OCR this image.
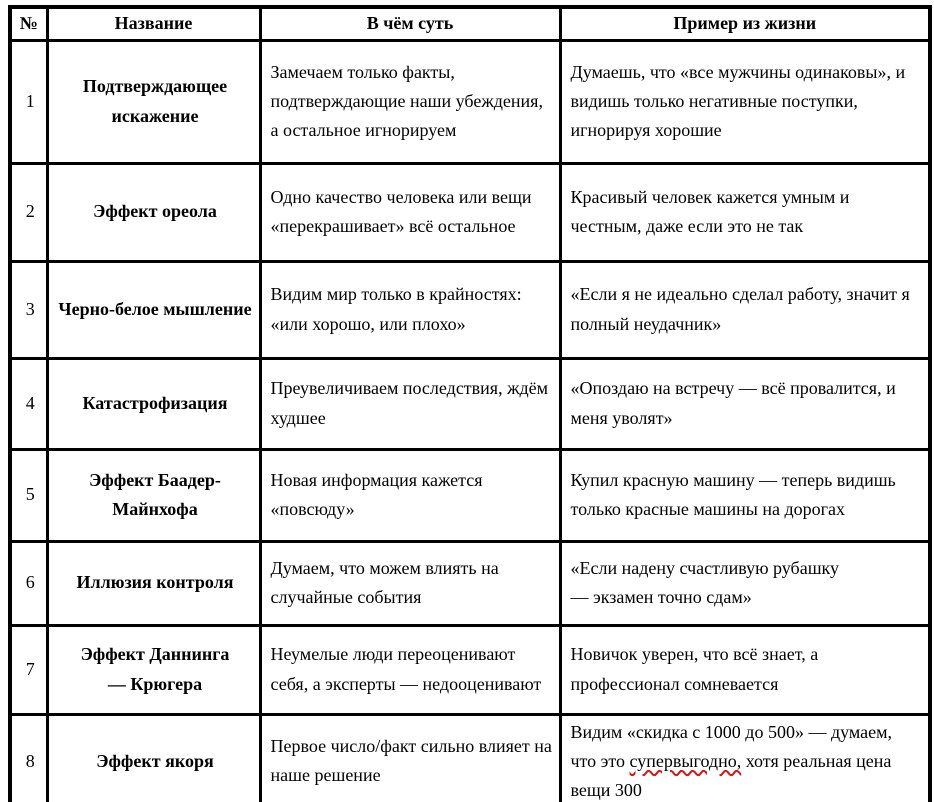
№	Название	В чём суть	Пример из жизни
1	Подтверждающее искажение	Замечаем только факты, подтверждающие наши убеждения, а остальное игнорируем	Думаешь, что «все мужчины одинаковы», и видишь только негативные поступки, игнорируя хорошие
2	Эффект ореола	Одно качество человека или вещи «перекрашивает» всё остальное	Красивый человек кажется умным и честным, даже если это не так
3	Черно-белое мышление	Видим мир только в крайностях: «или хорошо, или плохо»	«Если я не идеально сделал работу, значит я полный неудачник»
4	Катастрофизация	Преувеличиваем последствия, ждём худшее	«Опоздаю на встречу — всё провалится, и меня уволят»
5	Эффект Баадер-Майнхофа	Новая информация кажется «повсюду»	Купил красную машину — теперь видишь только красные машины на дорогах
6	Иллюзия контроля	Думаем, что можем влиять на случайные события	«Если надену счастливую рубашку — экзамен точно сдам»
7	Эффект Даннинга — Крюгера	Неумелые люди переоценивают себя, а эксперты — недооценивают	Новичок уверен, что всё знает, а профессионал сомневается
8	Эффект якоря	Первое число/факт сильно влияет на наше решение	Видим «скидка с 1000 до 500» — думаем, что это супервыгодно, хотя реальная цена вещи 300
